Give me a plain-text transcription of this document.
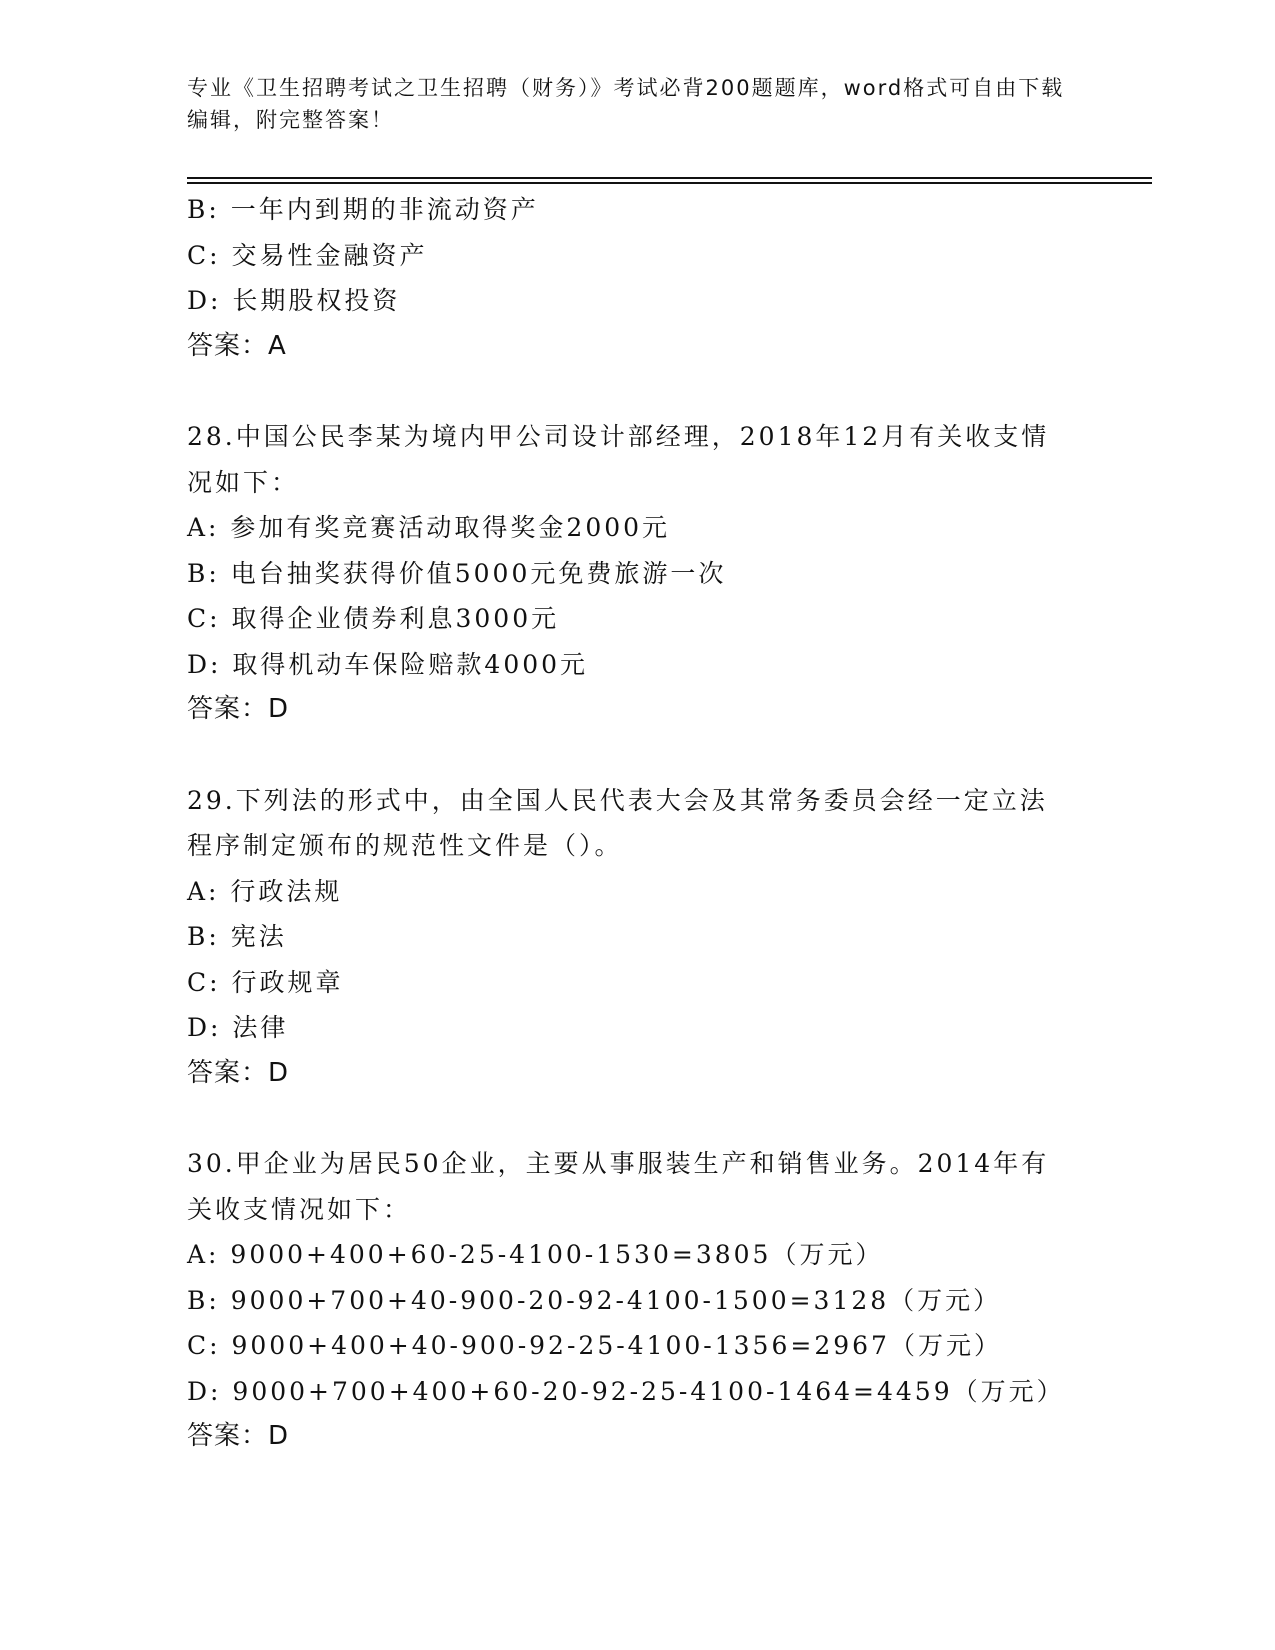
专业《卫生招聘考试之卫生招聘（财务）》考试必背200题题库，word格式可自由下载编辑，附完整答案！
B: 一年内到期的非流动资产
C: 交易性金融资产
D: 长期股权投资
答案：A
28.中国公民李某为境内甲公司设计部经理，2018年12月有关收支情
况如下：
A: 参加有奖竞赛活动取得奖金2000元
B: 电台抽奖获得价值5000元免费旅游一次
C: 取得企业债券利息3000元
D: 取得机动车保险赔款4000元
答案：D
29.下列法的形式中，由全国人民代表大会及其常务委员会经一定立法
程序制定颁布的规范性文件是（）。
A: 行政法规
B: 宪法
C: 行政规章
D: 法律
答案：D
30.甲企业为居民50企业，主要从事服装生产和销售业务。2014年有
关收支情况如下：
A: 9000+400+60-25-4100-1530=3805（万元）
B: 9000+700+40-900-20-92-4100-1500=3128（万元）
C: 9000+400+40-900-92-25-4100-1356=2967（万元）
D: 9000+700+400+60-20-92-25-4100-1464=4459（万元）
答案：D
